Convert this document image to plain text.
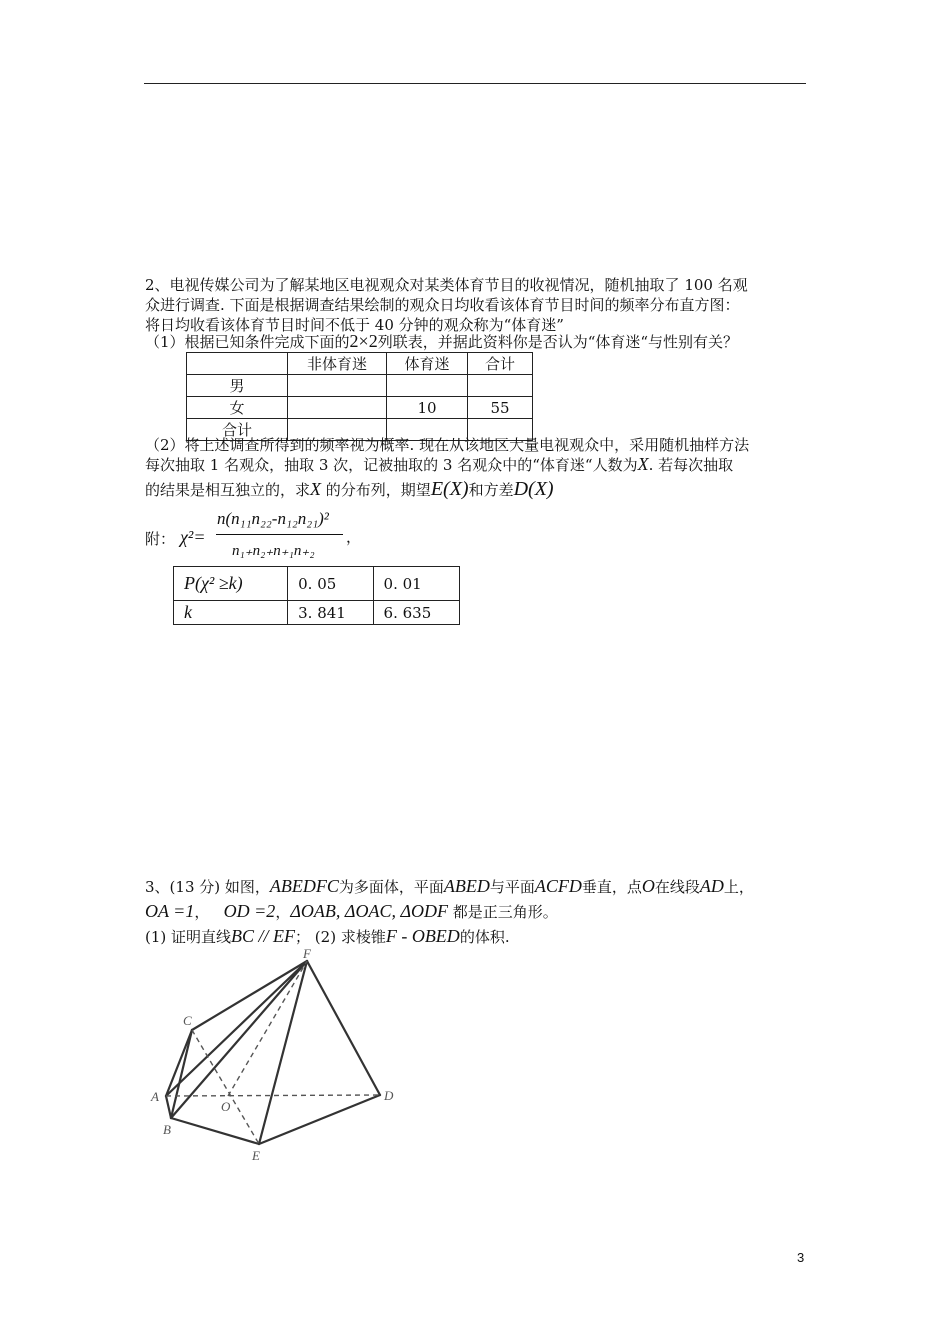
2、电视传媒公司为了解某地区电视观众对某类体育节目的收视情况，随机抽取了 100 名观
众进行调查. 下面是根据调查结果绘制的观众日均收看该体育节目时间的频率分布直方图：
将日均收看该体育节目时间不低于 40 分钟的观众称为“体育迷”
（1）根据已知条件完成下面的2×2列联表，并据此资料你是否认为“体育迷“与性别有关？
	非体育迷	体育迷	合计
男			
女		10	55
合计			
（2）将上述调查所得到的频率视为概率. 现在从该地区大量电视观众中，采用随机抽样方法
每次抽取 1 名观众，抽取 3 次，记被抽取的 3 名观众中的“体育迷“人数为X. 若每次抽取
的结果是相互独立的，求X 的分布列，期望E(X)和方差D(X)
附： χ²=
n(n₁₁n₂₂-n₁₂n₂₁)²
n₁₊n₂₊n₊₁n₊₂
，
P(χ² ≥k)	0. 05	0. 01
k	3. 841	6. 635
3、(13 分) 如图，ABEDFC为多面体，平面ABED与平面ACFD垂直，点O在线段AD上，
OA =1， OD =2，ΔOAB, ΔOAC, ΔODF 都是正三角形。
(1) 证明直线BC // EF； (2) 求棱锥F - OBED的体积.
F
C
A
O
D
B
E
3
